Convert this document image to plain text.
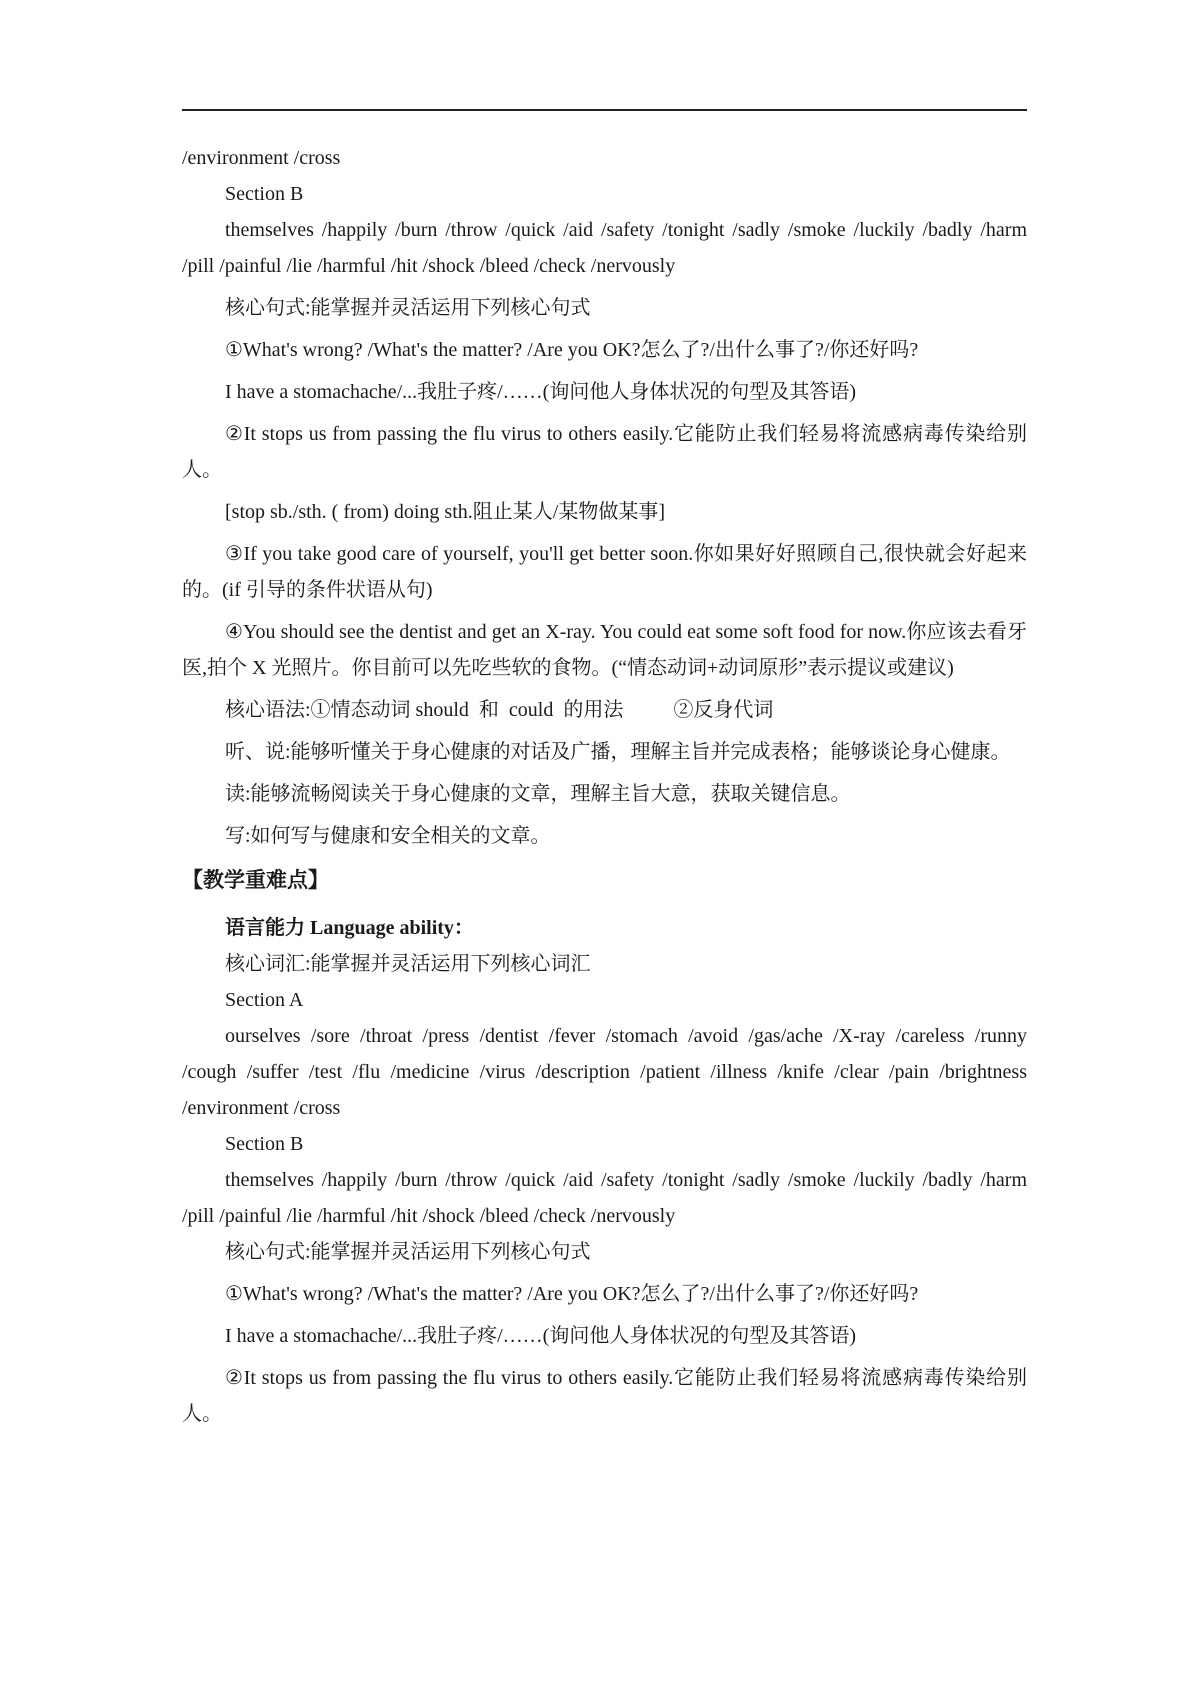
/environment /cross

Section B

themselves /happily /burn /throw /quick /aid /safety /tonight /sadly /smoke /luckily /badly /harm /pill /painful /lie /harmful /hit /shock /bleed /check /nervously

核心句式:能掌握并灵活运用下列核心句式

①What's wrong? /What's the matter? /Are you OK?怎么了?/出什么事了?/你还好吗?

I have a stomachache/...我肚子疼/……(询问他人身体状况的句型及其答语)

②It stops us from passing the flu virus to others easily.它能防止我们轻易将流感病毒传染给别人。

[stop sb./sth. ( from) doing sth.阻止某人/某物做某事]

③If you take good care of yourself, you'll get better soon.你如果好好照顾自己,很快就会好起来的。(if 引导的条件状语从句)

④You should see the dentist and get an X-ray. You could eat some soft food for now.你应该去看牙医,拍个 X 光照片。你目前可以先吃些软的食物。(“情态动词+动词原形”表示提议或建议)

核心语法:①情态动词 should  和  could  的用法          ②反身代词

听、说:能够听懂关于身心健康的对话及广播，理解主旨并完成表格；能够谈论身心健康。

读:能够流畅阅读关于身心健康的文章，理解主旨大意，获取关键信息。

写:如何写与健康和安全相关的文章。

【教学重难点】

语言能力 Language ability：

核心词汇:能掌握并灵活运用下列核心词汇

Section A

ourselves /sore /throat /press /dentist /fever /stomach /avoid /gas/ache /X-ray /careless /runny /cough /suffer /test /flu /medicine /virus /description /patient /illness /knife /clear /pain /brightness /environment /cross

Section B

themselves /happily /burn /throw /quick /aid /safety /tonight /sadly /smoke /luckily /badly /harm /pill /painful /lie /harmful /hit /shock /bleed /check /nervously

核心句式:能掌握并灵活运用下列核心句式

①What's wrong? /What's the matter? /Are you OK?怎么了?/出什么事了?/你还好吗?

I have a stomachache/...我肚子疼/……(询问他人身体状况的句型及其答语)

②It stops us from passing the flu virus to others easily.它能防止我们轻易将流感病毒传染给别人。
